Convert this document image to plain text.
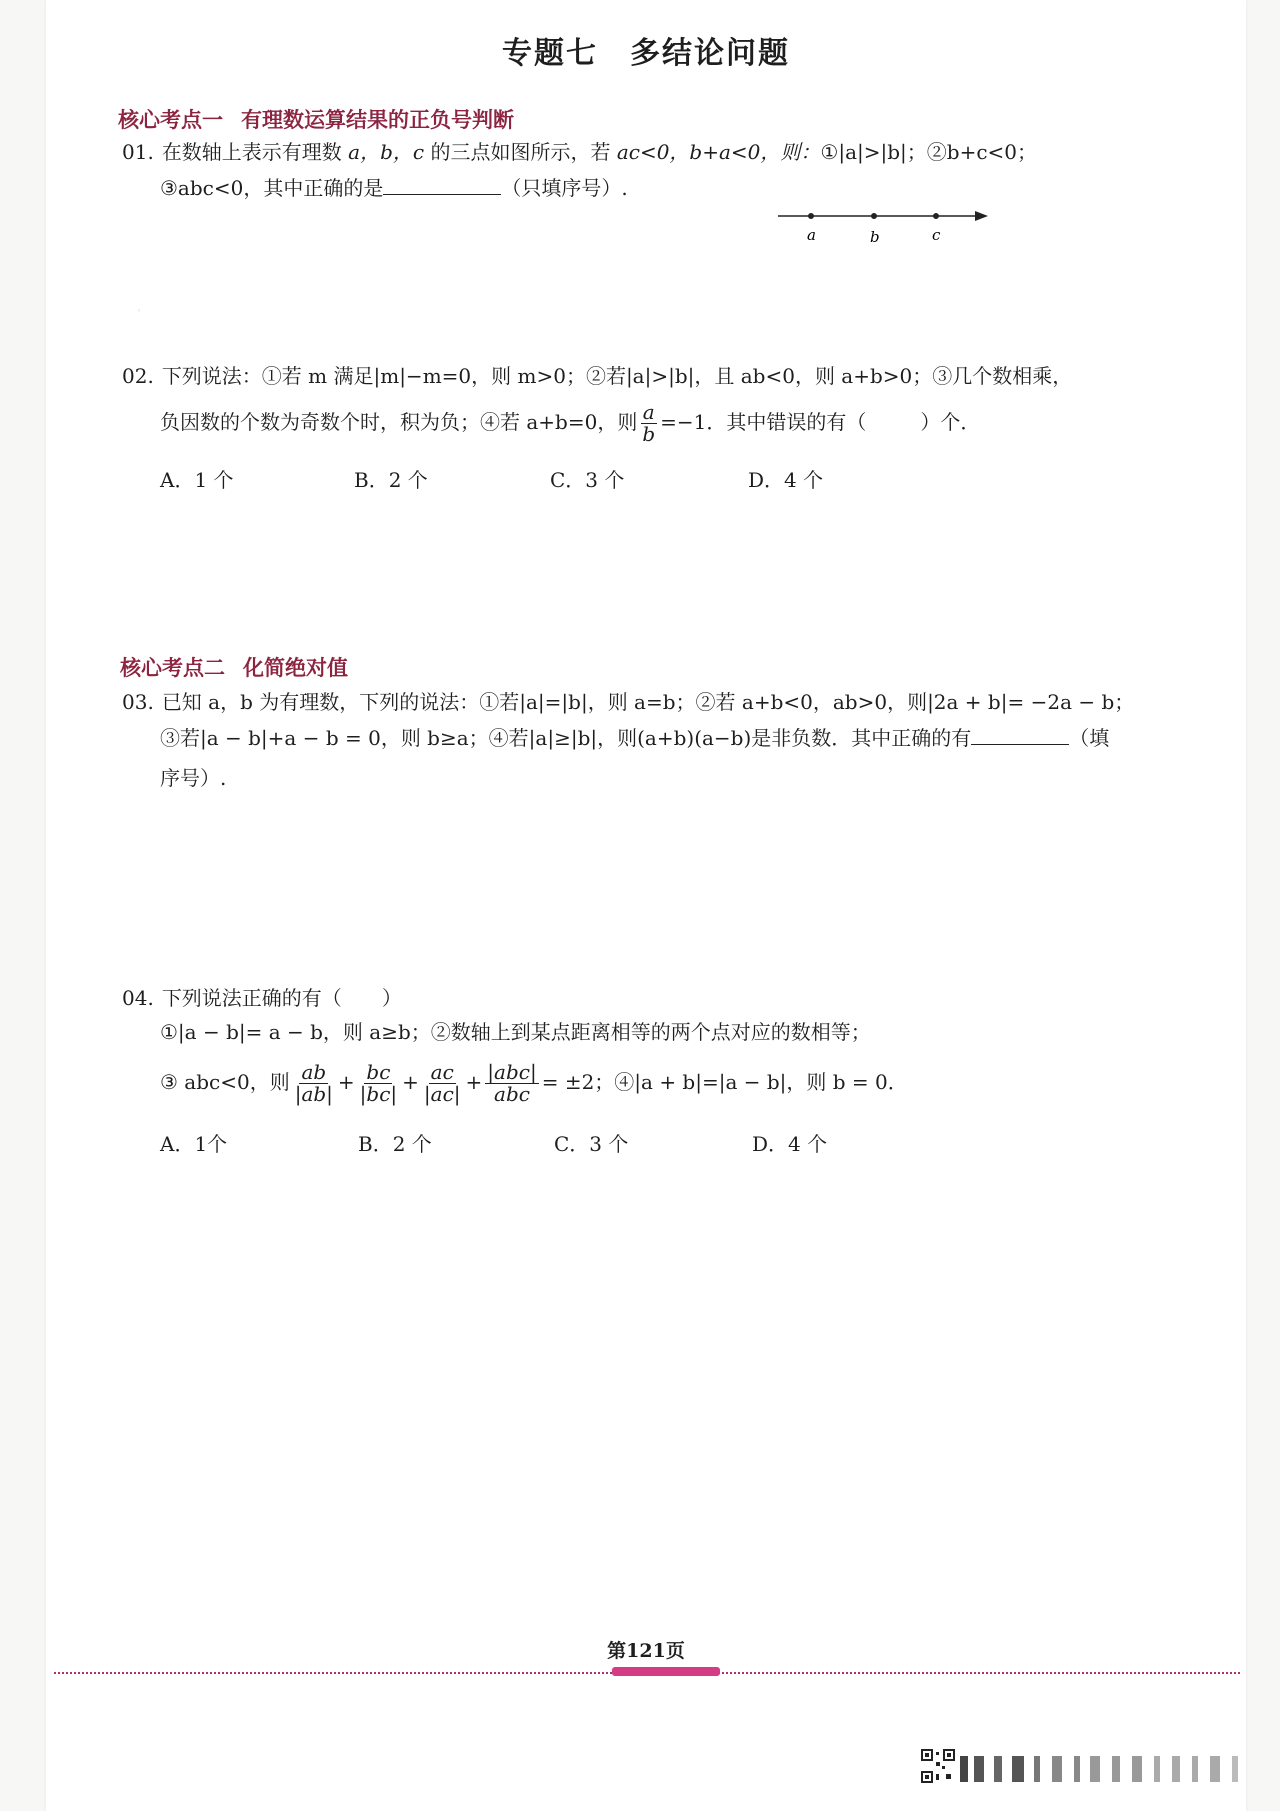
·
专题七 多结论问题
核心考点一 有理数运算结果的正负号判断
01. 在数轴上表示有理数 a，b，c 的三点如图所示，若 ac<0，b+a<0，则：①|a|>|b|；②b+c<0；
③abc<0，其中正确的是	（只填序号）.
a	b	c
02. 下列说法：①若 m 满足|m|−m=0，则 m>0；②若|a|>|b|，且 ab<0，则 a+b>0；③几个数相乘，
负因数的个数为奇数个时，积为负；④若 a+b=0，则 $\frac{a}{b} =-1$．其中错误的有（	）个．
A．1 个	B．2 个	C．3 个	D．4 个
核心考点二 化简绝对值
03. 已知 a，b 为有理数，下列的说法：①若|a|=|b|，则 a=b；②若 a+b<0，ab>0，则|2a + b|= −2a − b；
③若|a − b|+a − b = 0，则 b≥a；④若|a|≥|b|，则(a+b)(a−b)是非负数．其中正确的有	（填
序号）.
04. 下列说法正确的有（ ）
①|a − b|= a − b，则 a≥b；②数轴上到某点距离相等的两个点对应的数相等；
③ abc<0，则 $\frac{ab}{|ab|} + \frac{bc}{|bc|} + \frac{ac}{|ac|} + \frac{\text{|abc|}}{\text{abc}} = \pm 2$；④|a + b|=|a − b|，则 b = 0．
A．1个	B．2 个	C．3 个	D．4 个
第121页
